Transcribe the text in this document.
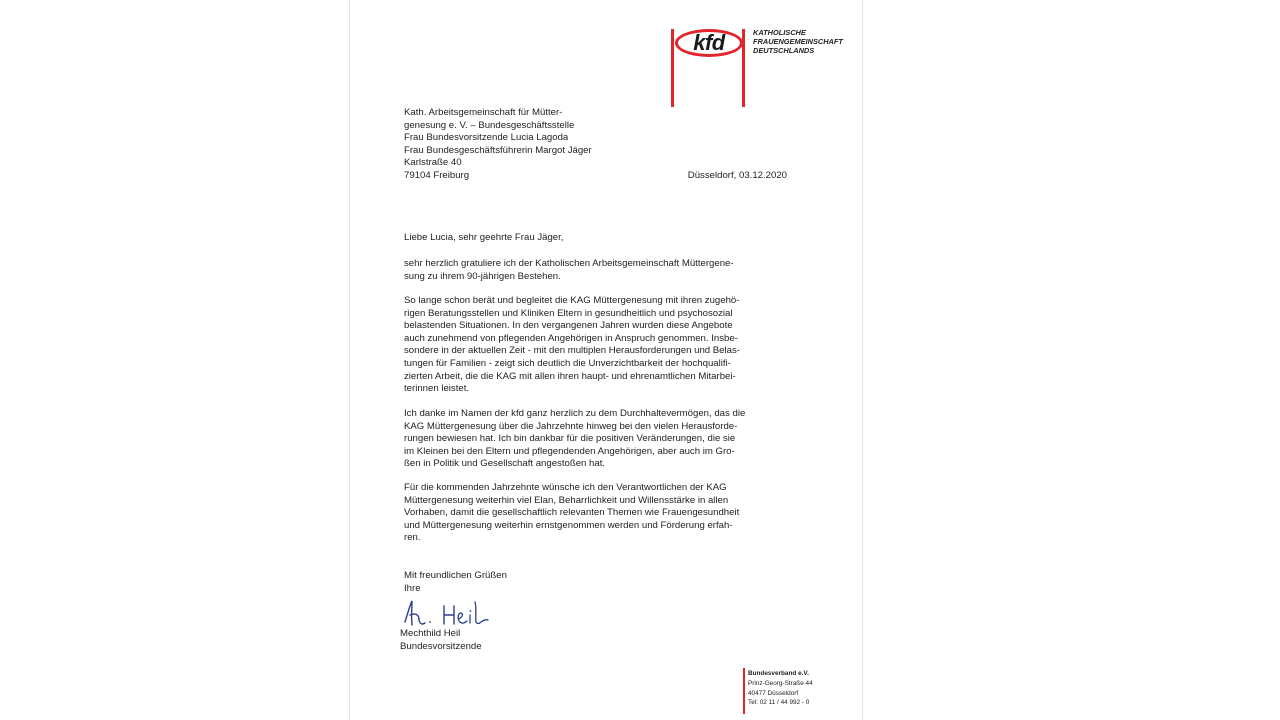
kfd	KATHOLISCHE
FRAUENGEMEINSCHAFT
DEUTSCHLANDS
Kath. Arbeitsgemeinschaft für Mütter-
genesung e. V. – Bundesgeschäftsstelle
Frau Bundesvorsitzende Lucia Lagoda
Frau Bundesgeschäftsführerin Margot Jäger
Karlstraße 40
79104 Freiburg	Düsseldorf, 03.12.2020
Liebe Lucia, sehr geehrte Frau Jäger,
sehr herzlich gratuliere ich der Katholischen Arbeitsgemeinschaft Müttergene-
sung zu ihrem 90-jährigen Bestehen.
So lange schon berät und begleitet die KAG Müttergenesung mit ihren zugehö-
rigen Beratungsstellen und Kliniken Eltern in gesundheitlich und psychosozial
belastenden Situationen. In den vergangenen Jahren wurden diese Angebote
auch zunehmend von pflegenden Angehörigen in Anspruch genommen. Insbe-
sondere in der aktuellen Zeit - mit den multiplen Herausforderungen und Belas-
tungen für Familien - zeigt sich deutlich die Unverzichtbarkeit der hochqualifi-
zierten Arbeit, die die KAG mit allen ihren haupt- und ehrenamtlichen Mitarbei-
terinnen leistet.
Ich danke im Namen der kfd ganz herzlich zu dem Durchhaltevermögen, das die
KAG Müttergenesung über die Jahrzehnte hinweg bei den vielen Herausforde-
rungen bewiesen hat. Ich bin dankbar für die positiven Veränderungen, die sie
im Kleinen bei den Eltern und pflegendenden Angehörigen, aber auch im Gro-
ßen in Politik und Gesellschaft angestoßen hat.
Für die kommenden Jahrzehnte wünsche ich den Verantwortlichen der KAG
Müttergenesung weiterhin viel Elan, Beharrlichkeit und Willensstärke in allen
Vorhaben, damit die gesellschaftlich relevanten Themen wie Frauengesundheit
und Müttergenesung weiterhin ernstgenommen werden und Förderung erfah-
ren.
Mit freundlichen Grüßen
Ihre
Mechthild Heil
Bundesvorsitzende
Bundesverband e.V.
Prinz-Georg-Straße 44
40477 Düsseldorf
Tel: 02 11 / 44 992 - 0
